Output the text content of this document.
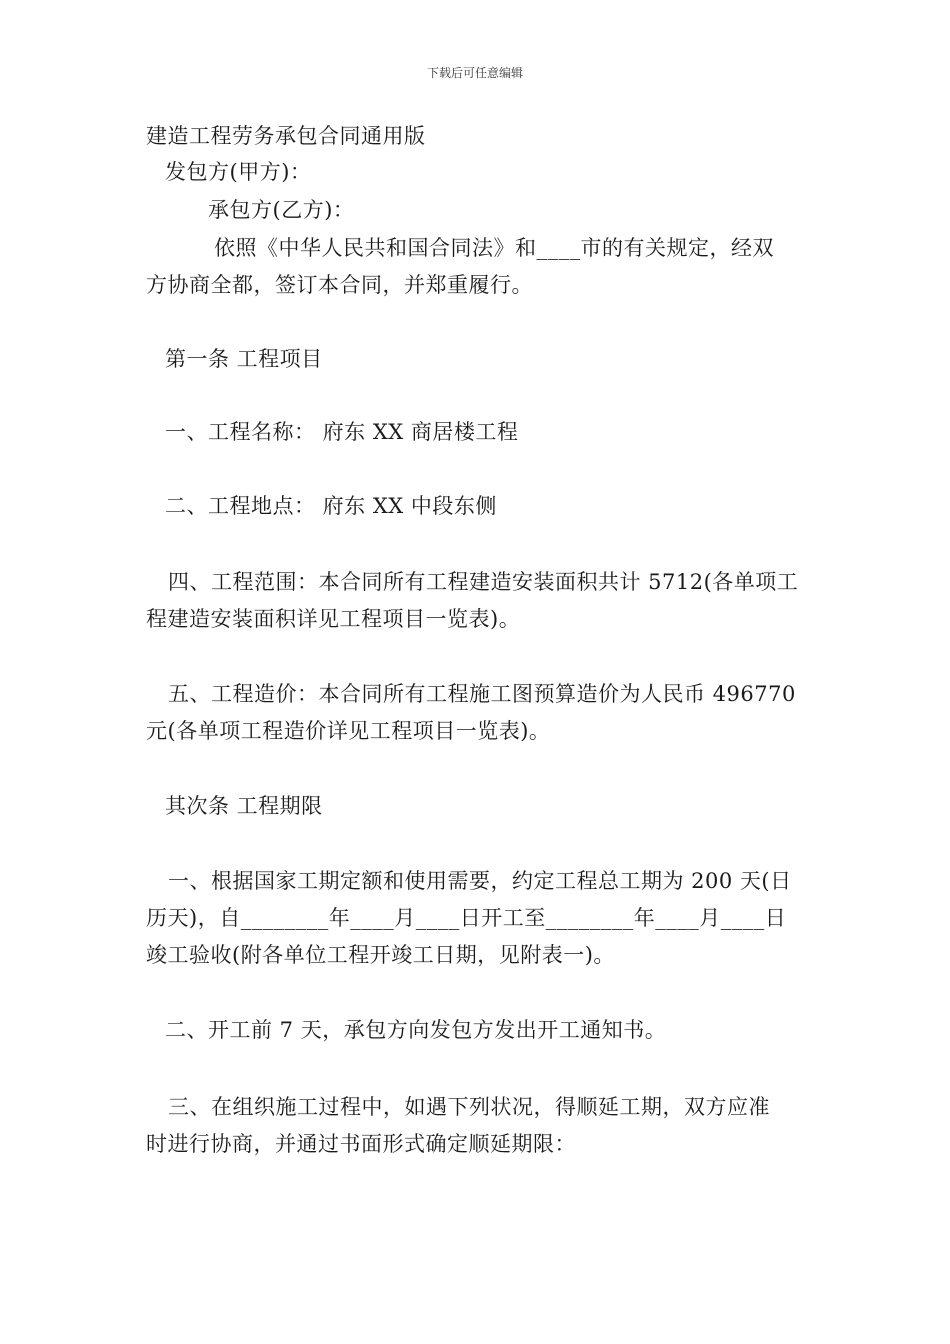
下载后可任意编辑
建造工程劳务承包合同通用版
发包方(甲方)：
承包方(乙方)：
依照《中华人民共和国合同法》和____市的有关规定，经双
方协商全都，签订本合同，并郑重履行。
第一条 工程项目
一、工程名称： 府东 XX 商居楼工程
二、工程地点： 府东 XX 中段东侧
四、工程范围：本合同所有工程建造安装面积共计 5712(各单项工
程建造安装面积详见工程项目一览表)。
五、工程造价：本合同所有工程施工图预算造价为人民币 496770
元(各单项工程造价详见工程项目一览表)。
其次条 工程期限
一、根据国家工期定额和使用需要，约定工程总工期为 200 天(日
历天)，自________年____月____日开工至________年____月____日
竣工验收(附各单位工程开竣工日期，见附表一)。
二、开工前 7 天，承包方向发包方发出开工通知书。
三、在组织施工过程中，如遇下列状况，得顺延工期，双方应准
时进行协商，并通过书面形式确定顺延期限：
